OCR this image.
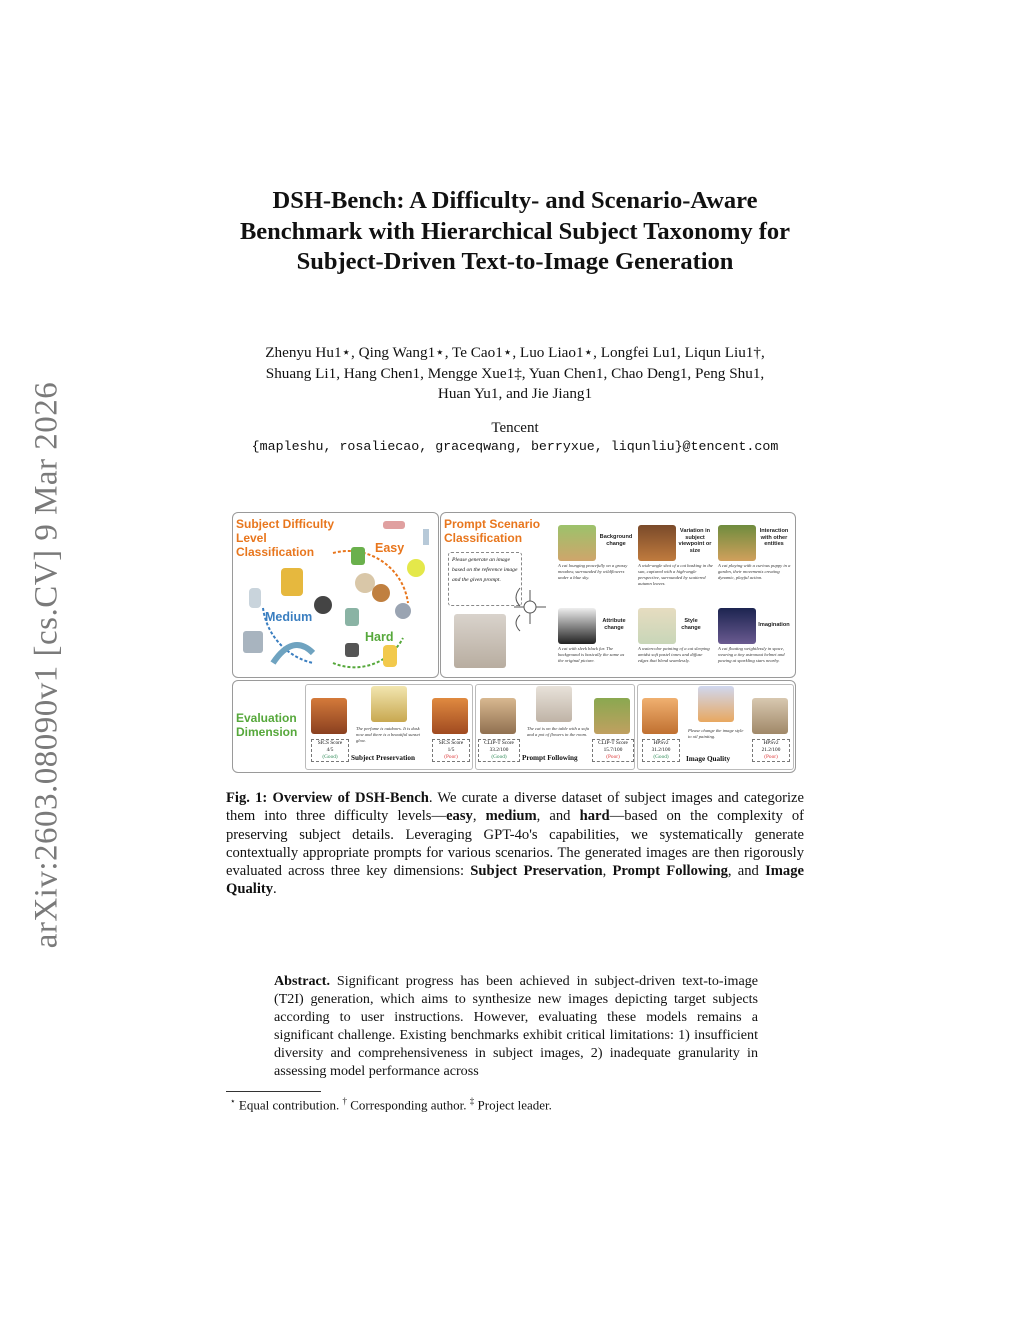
arXiv:2603.08090v1 [cs.CV] 9 Mar 2026
DSH-Bench: A Difficulty- and Scenario-Aware Benchmark with Hierarchical Subject Taxonomy for Subject-Driven Text-to-Image Generation
Zhenyu Hu1⋆, Qing Wang1⋆, Te Cao1⋆, Luo Liao1⋆, Longfei Lu1, Liqun Liu1†,
Shuang Li1, Hang Chen1, Mengge Xue1‡, Yuan Chen1, Chao Deng1, Peng Shu1,
Huan Yu1, and Jie Jiang1
Tencent
{mapleshu, rosaliecao, graceqwang, berryxue, liqunliu}@tencent.com
Subject Difficulty Level Classification	Easy
Medium
Hard
Prompt Scenario Classification
Please generate an image based on the reference image and the given prompt.
Background change
A cat lounging peacefully on a grassy meadow, surrounded by wildflowers under a blue sky.
Variation in subject viewpoint or size
A wide-angle shot of a cat basking in the sun, captured with a high-angle perspective, surrounded by scattered autumn leaves.
Interaction with other entities
A cat playing with a curious puppy in a garden, their movements creating dynamic, playful action.
Attribute change
A cat with sleek black fur. The background is basically the same as the original picture.
Style change
A watercolor painting of a cat sleeping amidst soft pastel tones and diffuse edges that blend seamlessly.
Imagination
A cat floating weightlessly in space, wearing a tiny astronaut helmet and pawing at sparkling stars nearby.
Evaluation Dimension	The perfume is outdoors. It is dusk now and there is a beautiful sunset glow.
SICS Score
4/5
(Good)
SICS Score
1/5
(Poor)
Subject Preservation
The cat is on the table with a sofa and a pot of flowers in the room.
CLIP-T Score
33.2/100
(Good)
CLIP-T Score
15.7/100
(Poor)
Prompt Following
Please change the image style to oil painting.
HPSv2
31.2/100
(Good)
HPSv2
21.2/100
(Poor)
Image Quality
Fig. 1: Overview of DSH-Bench. We curate a diverse dataset of subject images and categorize them into three difficulty levels—easy, medium, and hard—based on the complexity of preserving subject details. Leveraging GPT-4o's capabilities, we systematically generate contextually appropriate prompts for various scenarios. The generated images are then rigorously evaluated across three key dimensions: Subject Preservation, Prompt Following, and Image Quality.
Abstract. Significant progress has been achieved in subject-driven text-to-image (T2I) generation, which aims to synthesize new images depicting target subjects according to user instructions. However, evaluating these models remains a significant challenge. Existing benchmarks exhibit critical limitations: 1) insufficient diversity and comprehensiveness in subject images, 2) inadequate granularity in assessing model performance across
⋆ Equal contribution. † Corresponding author. ‡ Project leader.
